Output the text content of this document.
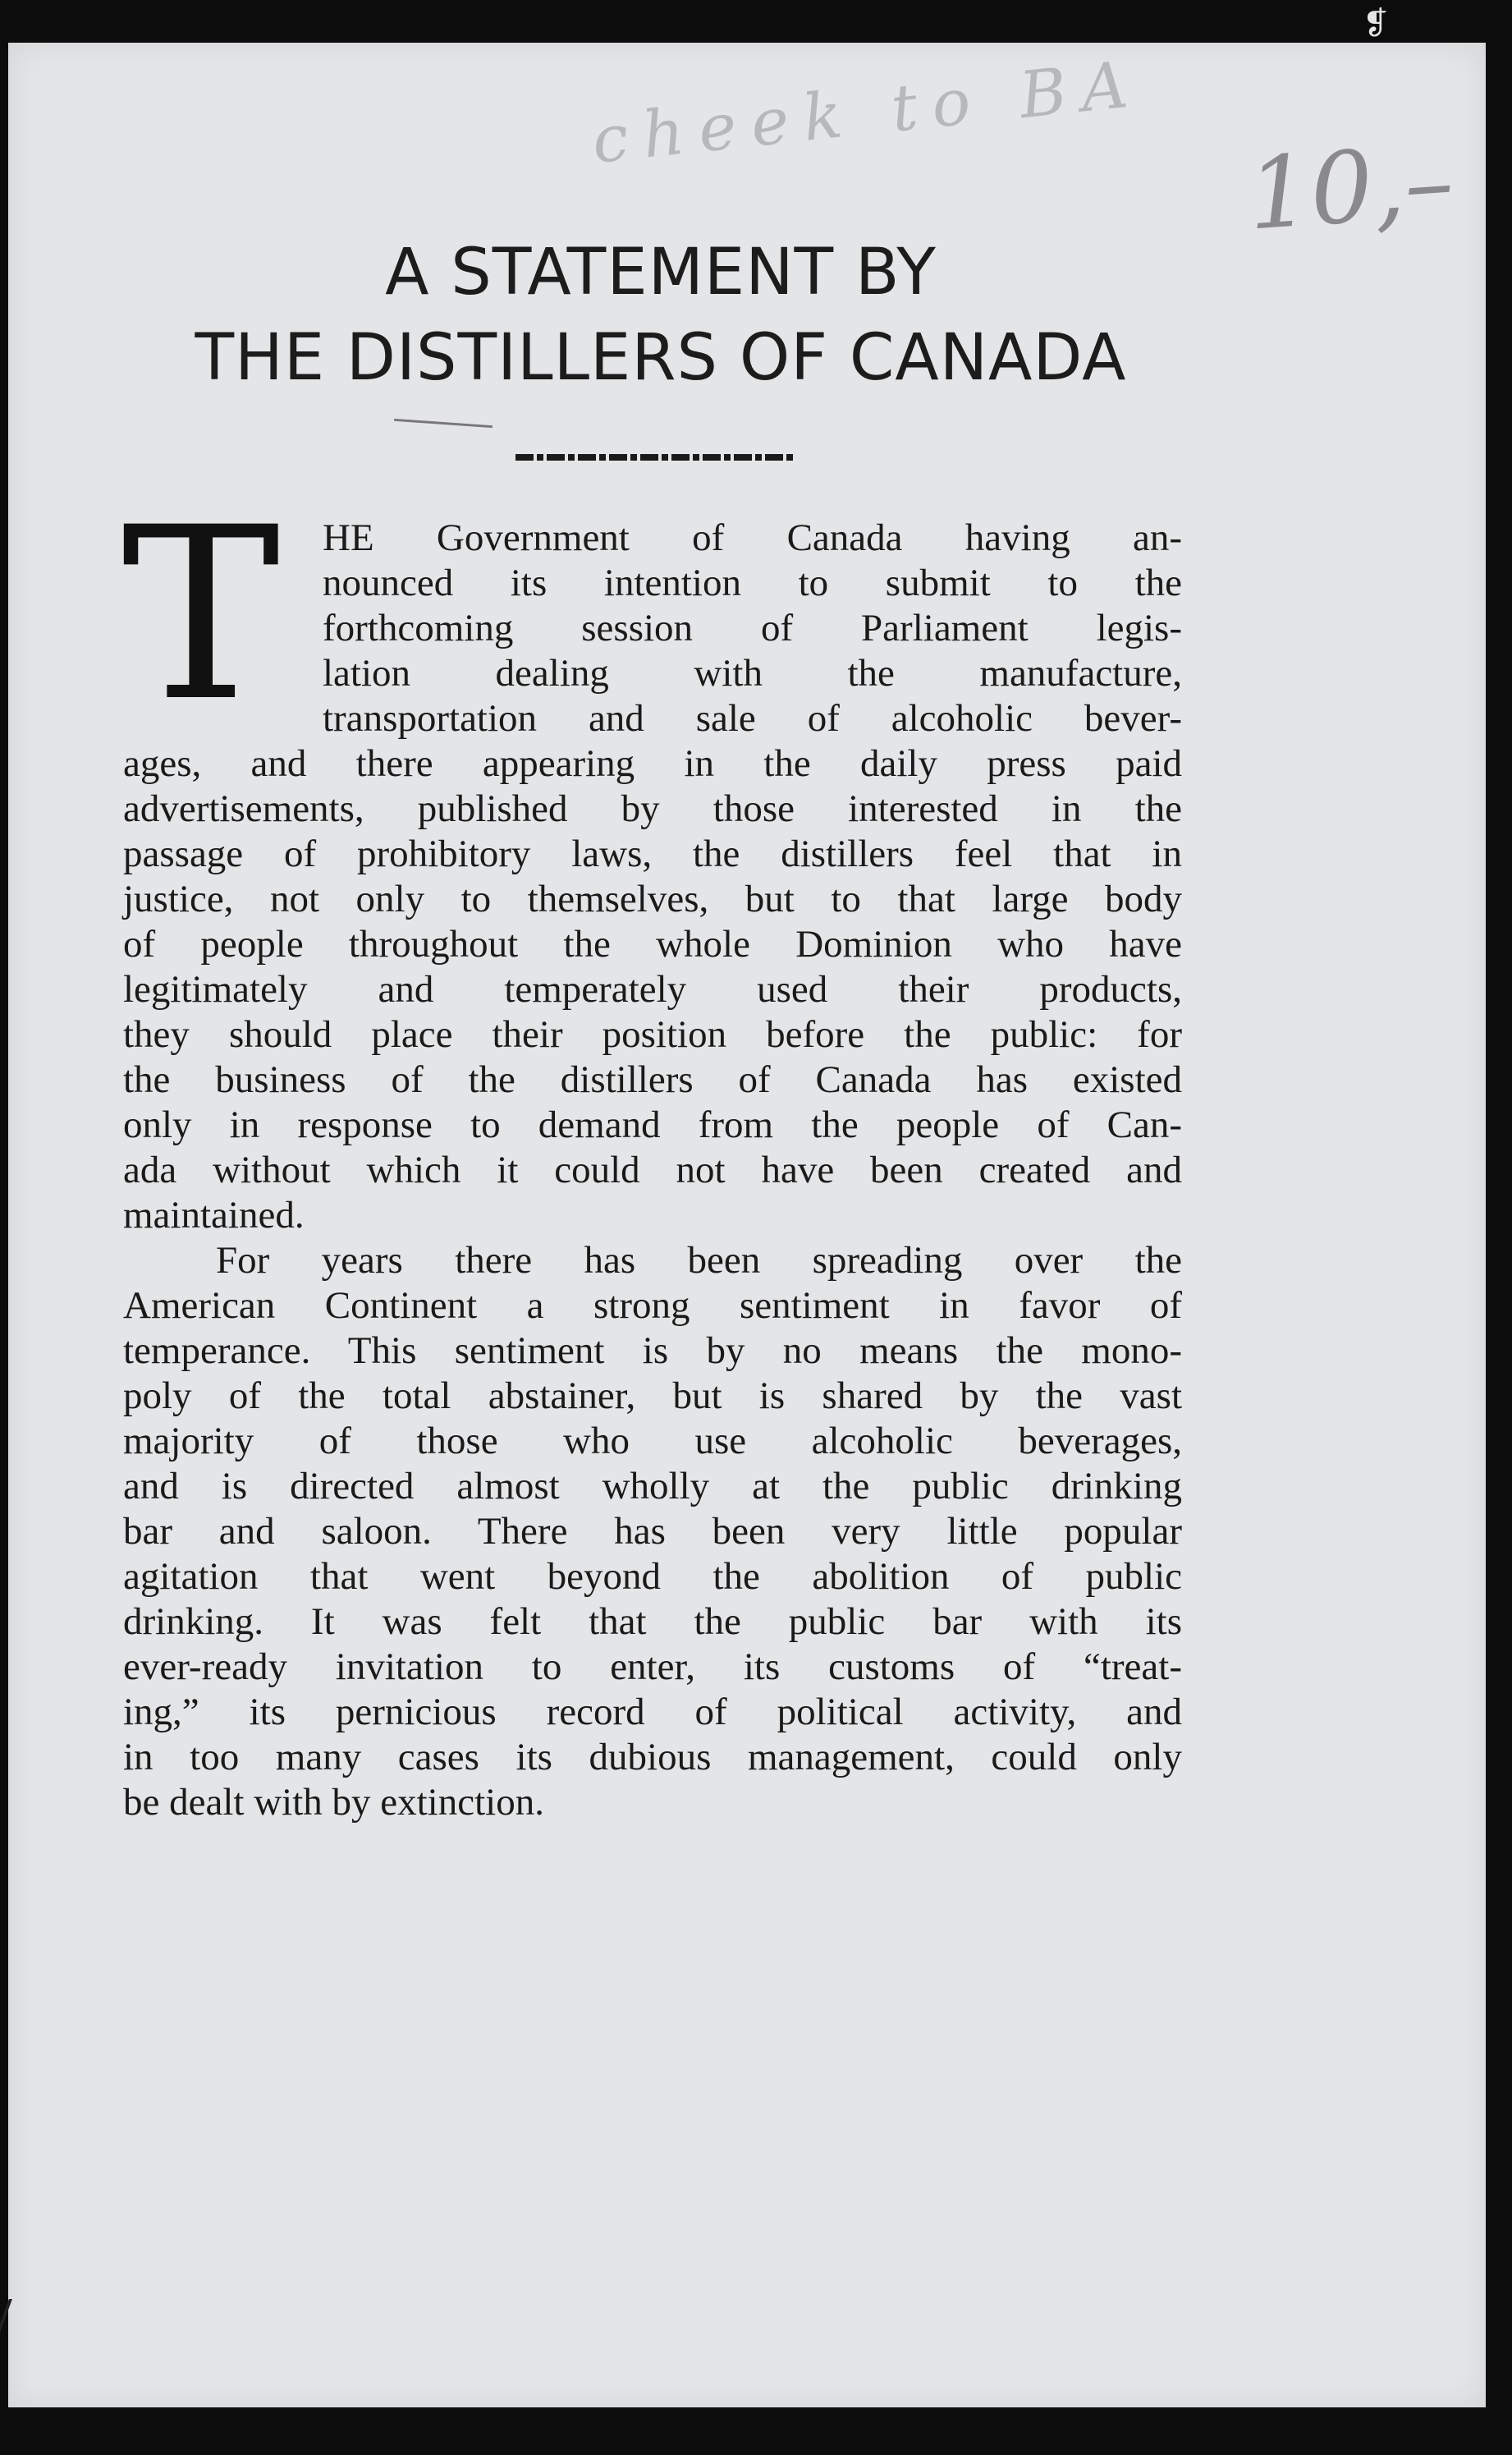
❡
cheek to BA
10,–
A STATEMENT BY
THE DISTILLERS OF CANADA
T	HE Government of Canada having an-
nounced its intention to submit to the
forthcoming session of Parliament legis-
lation dealing with the manufacture,
transportation and sale of alcoholic bever-
ages, and there appearing in the daily press paid
advertisements, published by those interested in the
passage of prohibitory laws, the distillers feel that in
justice, not only to themselves, but to that large body
of people throughout the whole Dominion who have
legitimately and temperately used their products,
they should place their position before the public: for
the business of the distillers of Canada has existed
only in response to demand from the people of Can-
ada without which it could not have been created and
maintained.
For years there has been spreading over the
American Continent a strong sentiment in favor of
temperance. This sentiment is by no means the mono-
poly of the total abstainer, but is shared by the vast
majority of those who use alcoholic beverages,
and is directed almost wholly at the public drinking
bar and saloon. There has been very little popular
agitation that went beyond the abolition of public
drinking. It was felt that the public bar with its
ever-ready invitation to enter, its customs of “treat-
ing,” its pernicious record of political activity, and
in too many cases its dubious management, could only
be dealt with by extinction.
